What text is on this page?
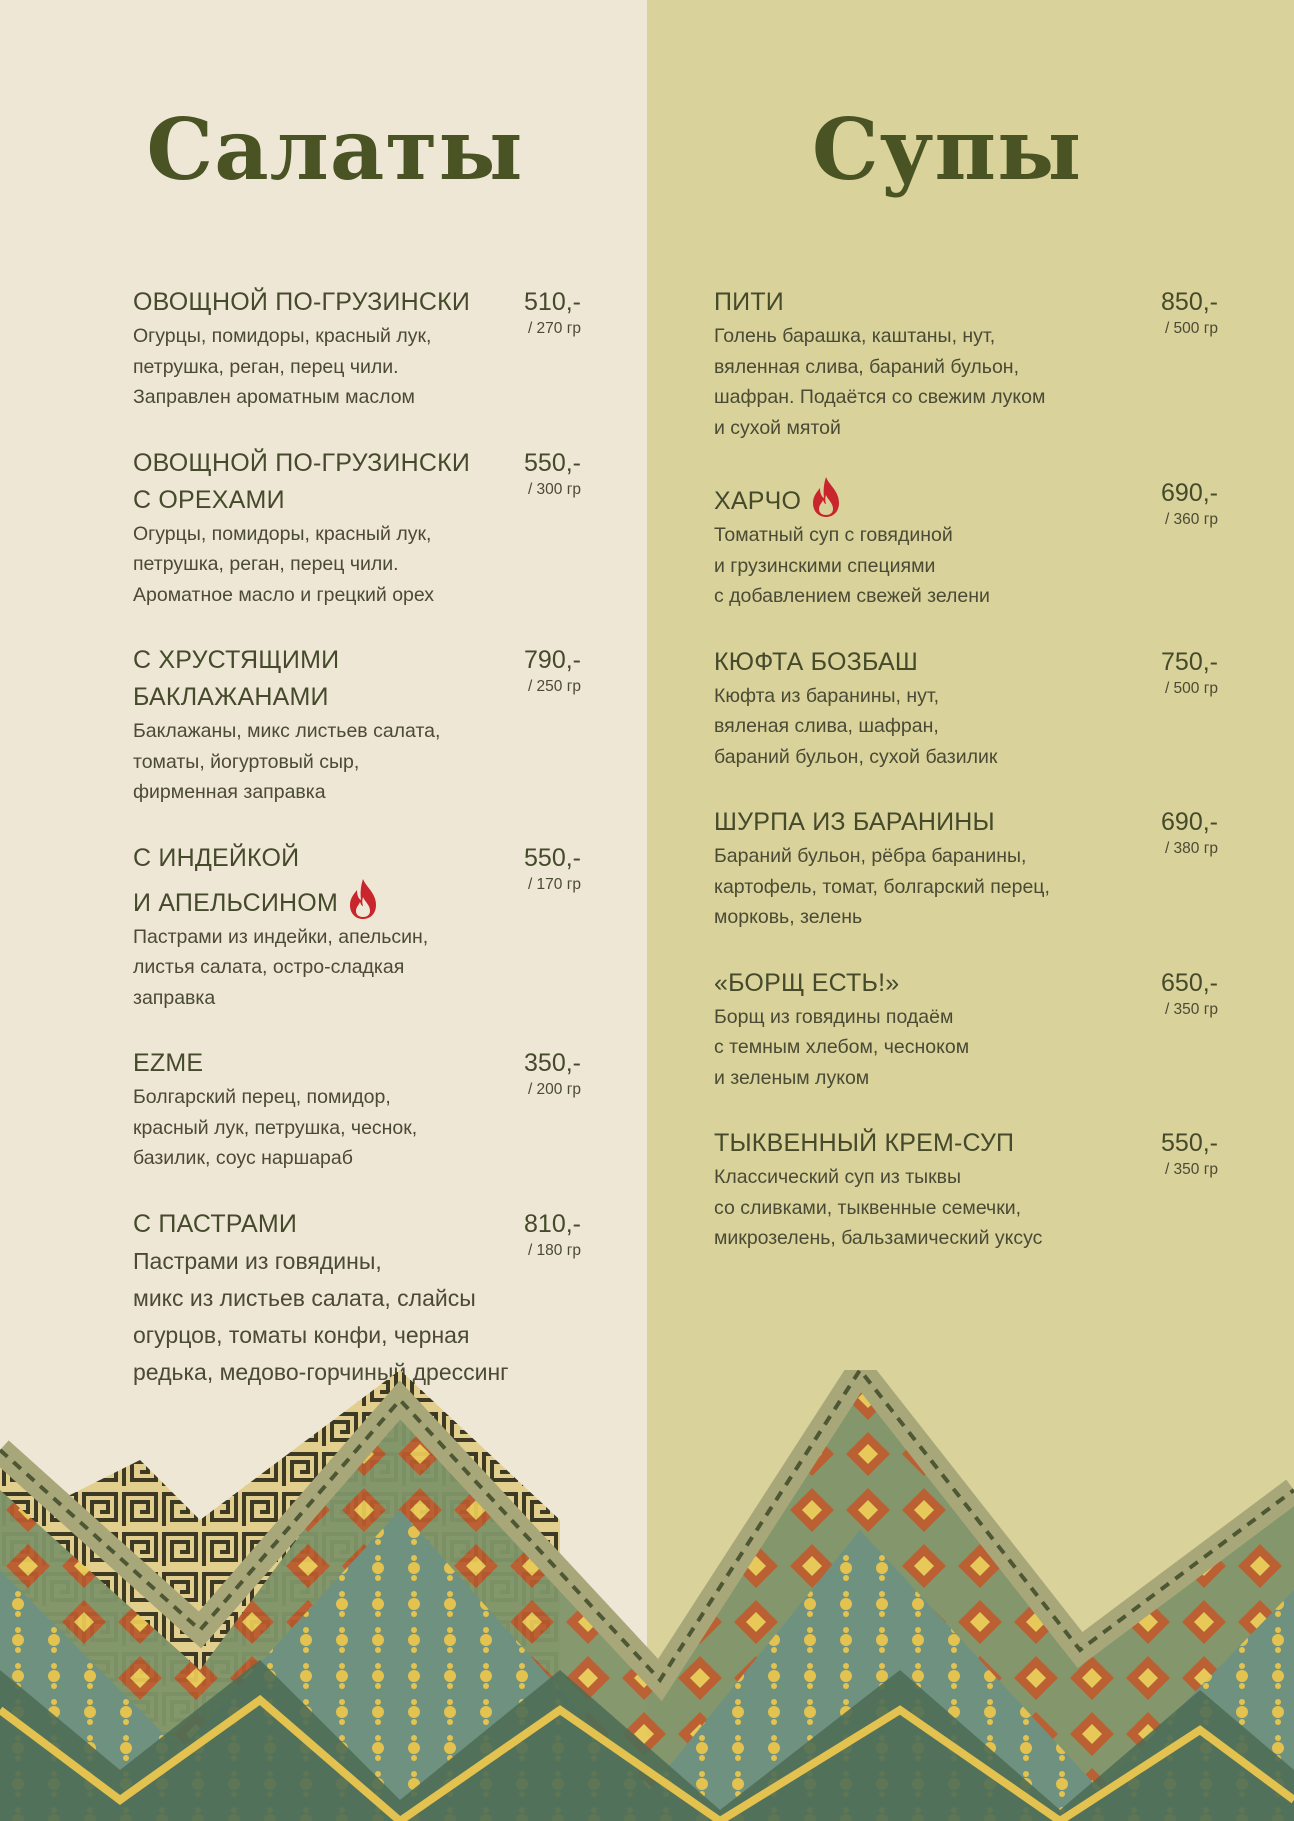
Салаты
ОВОЩНОЙ ПО-ГРУЗИНСКИ	510,-
/ 270 гр
Огурцы, помидоры, красный лук,
петрушка, реган, перец чили.
Заправлен ароматным маслом
ОВОЩНОЙ ПО-ГРУЗИНСКИ
С ОРЕХАМИ
550,-
/ 300 гр
Огурцы, помидоры, красный лук,
петрушка, реган, перец чили.
Ароматное масло и грецкий орех
С ХРУСТЯЩИМИ
БАКЛАЖАНАМИ
790,-
/ 250 гр
Баклажаны, микс листьев салата,
томаты, йогуртовый сыр,
фирменная заправка
С ИНДЕЙКОЙ
И АПЕЛЬСИНОМ
550,-
/ 170 гр
Пастрами из индейки, апельсин,
листья салата, остро-сладкая
заправка
EZME	350,-
/ 200 гр
Болгарский перец, помидор,
красный лук, петрушка, чеснок,
базилик, соус наршараб
С ПАСТРАМИ	810,-
/ 180 гр
Пастрами из говядины,
микс из листьев салата, слайсы
огурцов, томаты конфи, черная
редька, медово-горчиный дрессинг
Супы
ПИТИ	850,-
/ 500 гр
Голень барашка, каштаны, нут,
вяленная слива, бараний бульон,
шафран. Подаётся со свежим луком
и сухой мятой
ХАРЧО	690,-
/ 360 гр
Томатный суп с говядиной
и грузинскими специями
с добавлением свежей зелени
КЮФТА БОЗБАШ	750,-
/ 500 гр
Кюфта из баранины, нут,
вяленая слива, шафран,
бараний бульон, сухой базилик
ШУРПА ИЗ БАРАНИНЫ	690,-
/ 380 гр
Бараний бульон, рёбра баранины,
картофель, томат, болгарский перец,
морковь, зелень
«БОРЩ ЕСТЬ!»	650,-
/ 350 гр
Борщ из говядины подаём
с темным хлебом, чесноком
и зеленым луком
ТЫКВЕННЫЙ КРЕМ-СУП	550,-
/ 350 гр
Классический суп из тыквы
со сливками, тыквенные семечки,
микрозелень, бальзамический уксус
